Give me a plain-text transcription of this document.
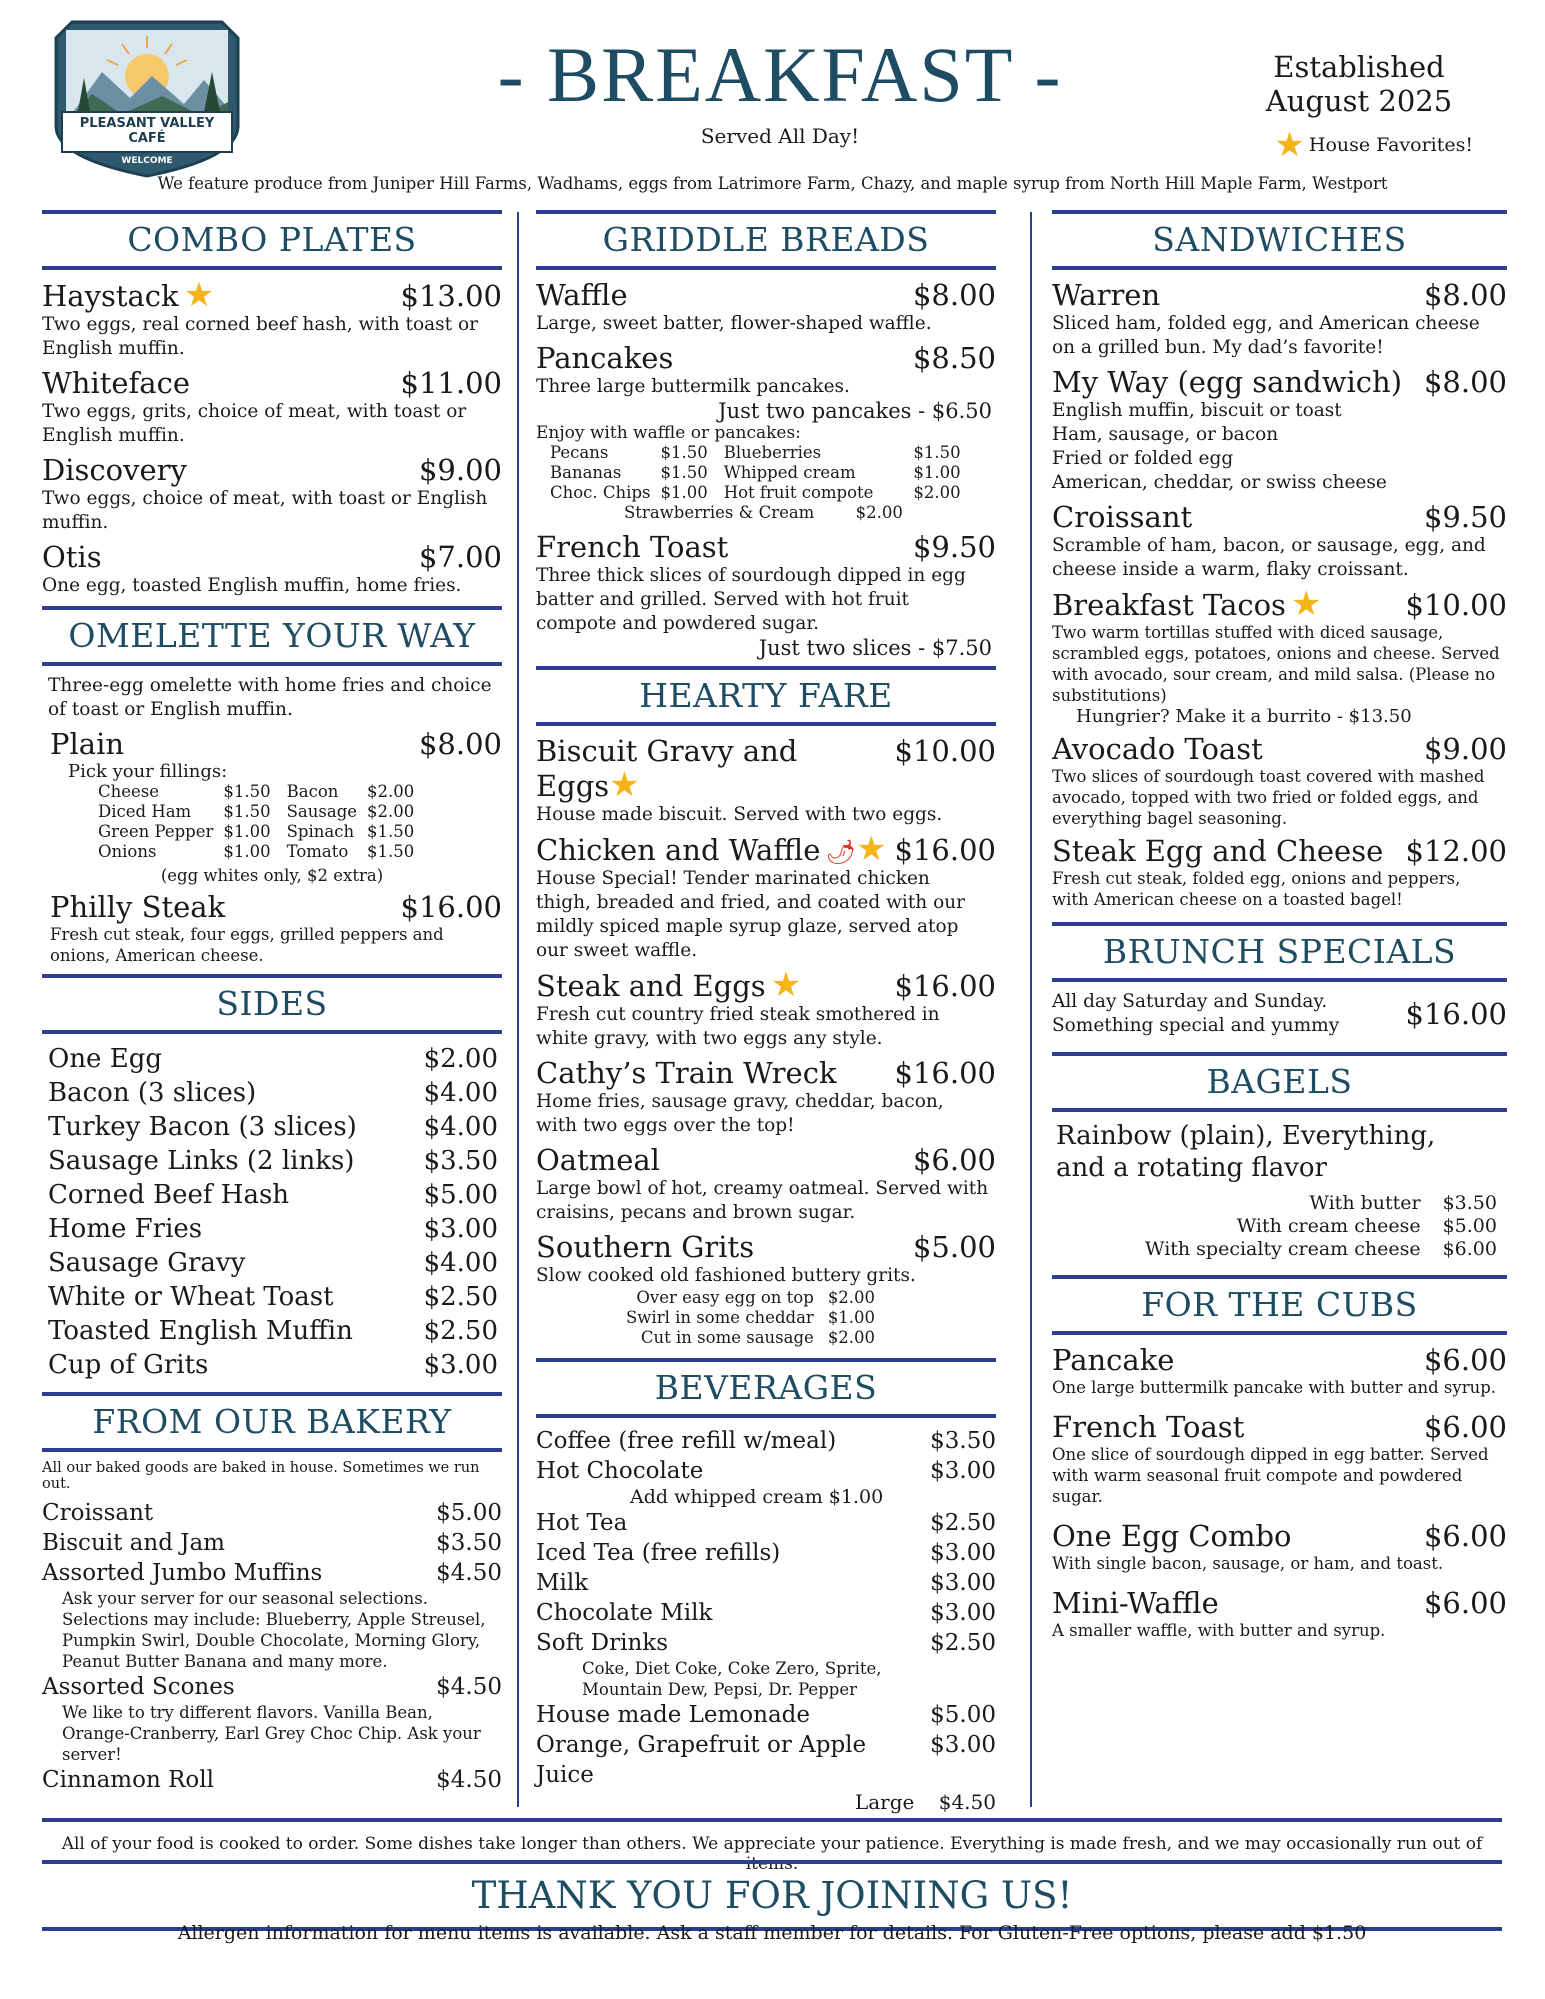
PLEASANT VALLEY
CAFÉ
WELCOME
- BREAKFAST -
Served All Day!
Established
August 2025
★ House Favorites!
We feature produce from Juniper Hill Farms, Wadhams, eggs from Latrimore Farm, Chazy, and maple syrup from North Hill Maple Farm, Westport
COMBO PLATES
Haystack ★	$13.00
Two eggs, real corned beef hash, with toast or English muffin.
Whiteface	$11.00
Two eggs, grits, choice of meat, with toast or English muffin.
Discovery	$9.00
Two eggs, choice of meat, with toast or English muffin.
Otis	$7.00
One egg, toasted English muffin, home fries.
OMELETTE YOUR WAY
Three-egg omelette with home fries and choice of toast or English muffin.
Plain	$8.00
Pick your fillings:
Cheese	$1.50	Bacon	$2.00
Diced Ham	$1.50	Sausage	$2.00
Green Pepper	$1.00	Spinach	$1.50
Onions	$1.00	Tomato	$1.50
(egg whites only, $2 extra)
Philly Steak	$16.00
Fresh cut steak, four eggs, grilled peppers and onions, American cheese.
SIDES
One Egg	$2.00
Bacon (3 slices)	$4.00
Turkey Bacon (3 slices)	$4.00
Sausage Links (2 links)	$3.50
Corned Beef Hash	$5.00
Home Fries	$3.00
Sausage Gravy	$4.00
White or Wheat Toast	$2.50
Toasted English Muffin	$2.50
Cup of Grits	$3.00
FROM OUR BAKERY
All our baked goods are baked in house. Sometimes we run out.
Croissant	$5.00
Biscuit and Jam	$3.50
Assorted Jumbo Muffins	$4.50
Ask your server for our seasonal selections. Selections may include: Blueberry, Apple Streusel, Pumpkin Swirl, Double Chocolate, Morning Glory, Peanut Butter Banana and many more.
Assorted Scones	$4.50
We like to try different flavors. Vanilla Bean, Orange-Cranberry, Earl Grey Choc Chip. Ask your server!
Cinnamon Roll	$4.50
GRIDDLE BREADS
Waffle	$8.00
Large, sweet batter, flower-shaped waffle.
Pancakes	$8.50
Three large buttermilk pancakes.
Just two pancakes - $6.50
Enjoy with waffle or pancakes:
Pecans	$1.50	Blueberries	$1.50
Bananas	$1.50	Whipped cream	$1.00
Choc. Chips	$1.00	Hot fruit compote	$2.00
Strawberries & Cream	$2.00
French Toast	$9.50
Three thick slices of sourdough dipped in egg batter and grilled. Served with hot fruit compote and powdered sugar.
Just two slices - $7.50
HEARTY FARE
Biscuit Gravy and Eggs★
$10.00
House made biscuit. Served with two eggs.
Chicken and Waffle 🌶★ $16.00
House Special! Tender marinated chicken thigh, breaded and fried, and coated with our mildly spiced maple syrup glaze, served atop our sweet waffle.
Steak and Eggs ★	$16.00
Fresh cut country fried steak smothered in white gravy, with two eggs any style.
Cathy’s Train Wreck $16.00
Home fries, sausage gravy, cheddar, bacon, with two eggs over the top!
Oatmeal	$6.00
Large bowl of hot, creamy oatmeal. Served with craisins, pecans and brown sugar.
Southern Grits	$5.00
Slow cooked old fashioned buttery grits.
Over easy egg on top	$2.00
Swirl in some cheddar	$1.00
Cut in some sausage	$2.00
BEVERAGES
Coffee (free refill w/meal)	$3.50
Hot Chocolate	$3.00
Add whipped cream $1.00
Hot Tea	$2.50
Iced Tea (free refills)	$3.00
Milk	$3.00
Chocolate Milk	$3.00
Soft Drinks	$2.50
Coke, Diet Coke, Coke Zero, Sprite, Mountain Dew, Pepsi, Dr. Pepper
House made Lemonade	$5.00
Orange, Grapefruit or Apple Juice
$3.00
Large $4.50
SANDWICHES
Warren	$8.00
Sliced ham, folded egg, and American cheese on a grilled bun. My dad’s favorite!
My Way (egg sandwich) $8.00
English muffin, biscuit or toast
Ham, sausage, or bacon
Fried or folded egg
American, cheddar, or swiss cheese
Croissant	$9.50
Scramble of ham, bacon, or sausage, egg, and cheese inside a warm, flaky croissant.
Breakfast Tacos ★	$10.00
Two warm tortillas stuffed with diced sausage, scrambled eggs, potatoes, onions and cheese. Served with avocado, sour cream, and mild salsa. (Please no substitutions)
Hungrier? Make it a burrito - $13.50
Avocado Toast	$9.00
Two slices of sourdough toast covered with mashed avocado, topped with two fried or folded eggs, and everything bagel seasoning.
Steak Egg and Cheese $12.00
Fresh cut steak, folded egg, onions and peppers, with American cheese on a toasted bagel!
BRUNCH SPECIALS
All day Saturday and Sunday. Something special and yummy	$16.00
BAGELS
Rainbow (plain), Everything, and a rotating flavor
With butter	$3.50
With cream cheese	$5.00
With specialty cream cheese	$6.00
FOR THE CUBS
Pancake	$6.00
One large buttermilk pancake with butter and syrup.
French Toast	$6.00
One slice of sourdough dipped in egg batter. Served with warm seasonal fruit compote and powdered sugar.
One Egg Combo	$6.00
With single bacon, sausage, or ham, and toast.
Mini-Waffle	$6.00
A smaller waffle, with butter and syrup.
All of your food is cooked to order. Some dishes take longer than others. We appreciate your patience. Everything is made fresh, and we may occasionally run out of items.
THANK YOU FOR JOINING US!
Allergen information for menu items is available. Ask a staff member for details. For Gluten-Free options, please add $1.50
